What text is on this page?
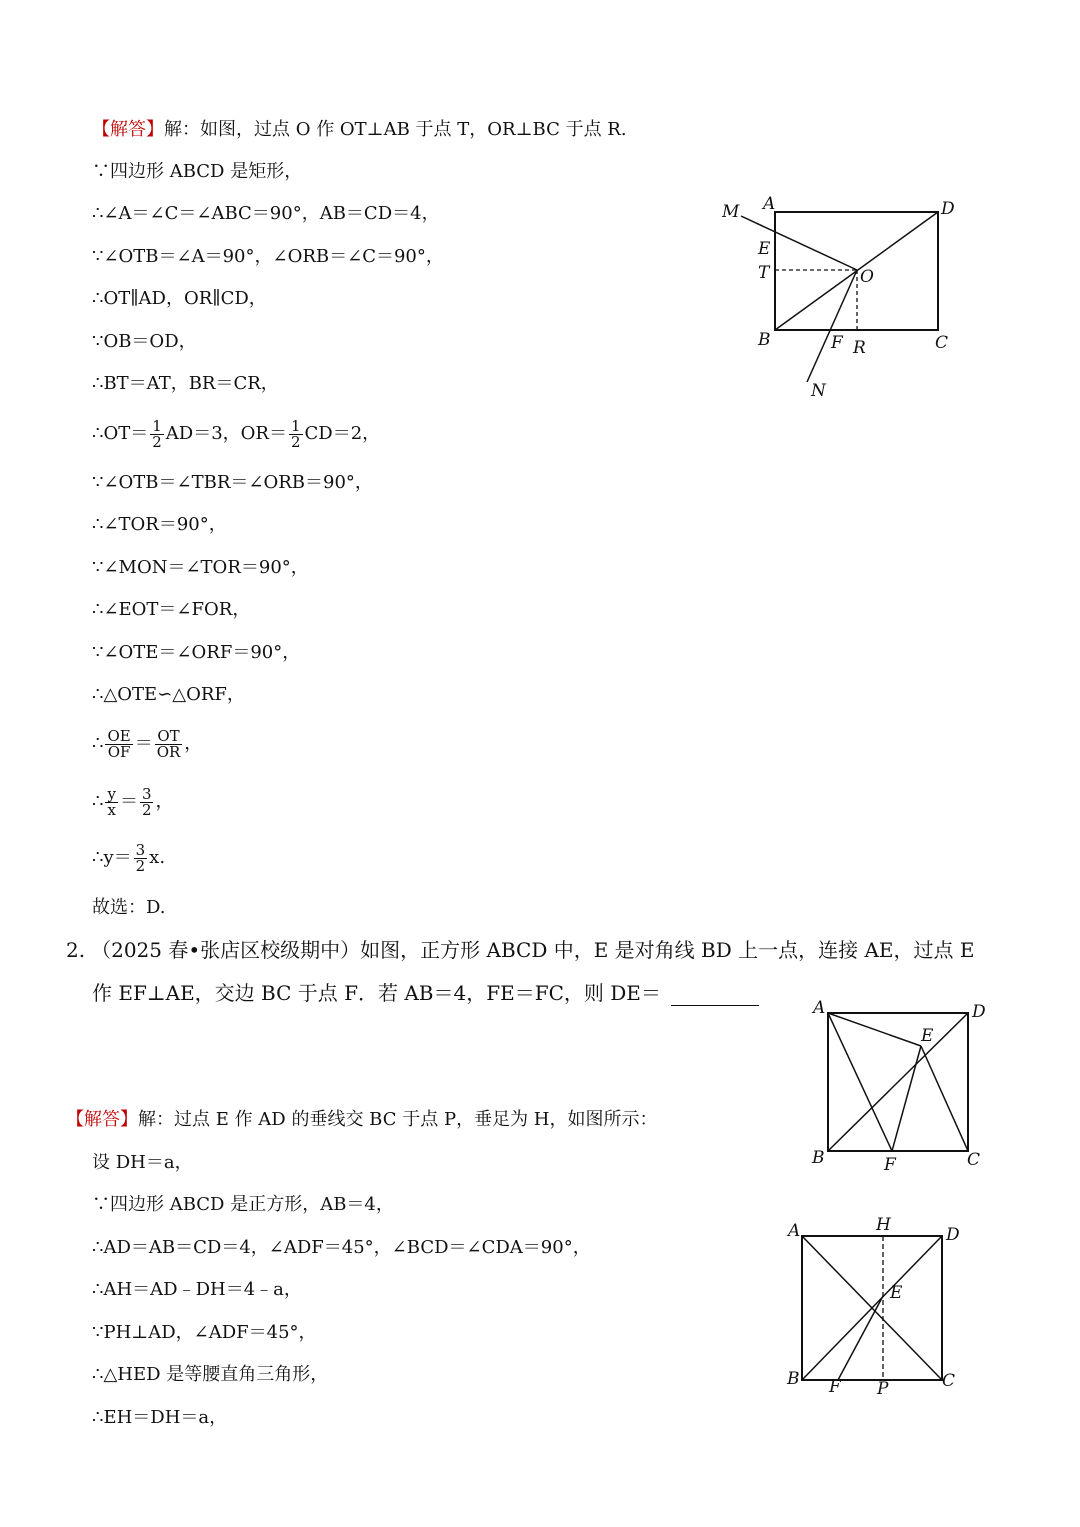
【解答】解：如图，过点 O 作 OT⊥AB 于点 T，OR⊥BC 于点 R.
∵四边形 ABCD 是矩形，
∴∠A＝∠C＝∠ABC＝90°，AB＝CD＝4，
∵∠OTB＝∠A＝90°，∠ORB＝∠C＝90°，
∴OT∥AD，OR∥CD，
∵OB＝OD，
∴BT＝AT，BR＝CR，
∴OT＝ $\frac{1}{2} AD=3$，$OR= \frac{1}{2} CD=2$，
∵∠OTB＝∠TBR＝∠ORB＝90°，
∴∠TOR＝90°，
∵∠MON＝∠TOR＝90°，
∴∠EOT＝∠FOR，
∵∠OTE＝∠ORF＝90°，
∴△OTE∽△ORF，
∴ $\frac{OE}{OF} = \frac{OT}{OR}$ ，
∴ $\frac{y}{x} = \frac{3}{2}$ ，
∴y＝ $\frac{3}{2} x$.
故选：D.
M A	D
E
T	O
B	F R	C
N
2. （2025 春•张店区校级期中）如图，正方形 ABCD 中，E 是对角线 BD 上一点，连接 AE，过点 E
作 EF⊥AE，交边 BC 于点 F．若 AB＝4，FE＝FC，则 DE＝
A	D
E
B	F	C
【解答】解：过点 E 作 AD 的垂线交 BC 于点 P，垂足为 H，如图所示：
设 DH＝a，
∵四边形 ABCD 是正方形，AB＝4，
∴AD＝AB＝CD＝4，∠ADF＝45°，∠BCD＝∠CDA＝90°，
∴AH＝AD﹣DH＝4﹣a，
∵PH⊥AD，∠ADF＝45°，
∴△HED 是等腰直角三角形，
∴EH＝DH＝a，
A	H	D
E
B F P	C
